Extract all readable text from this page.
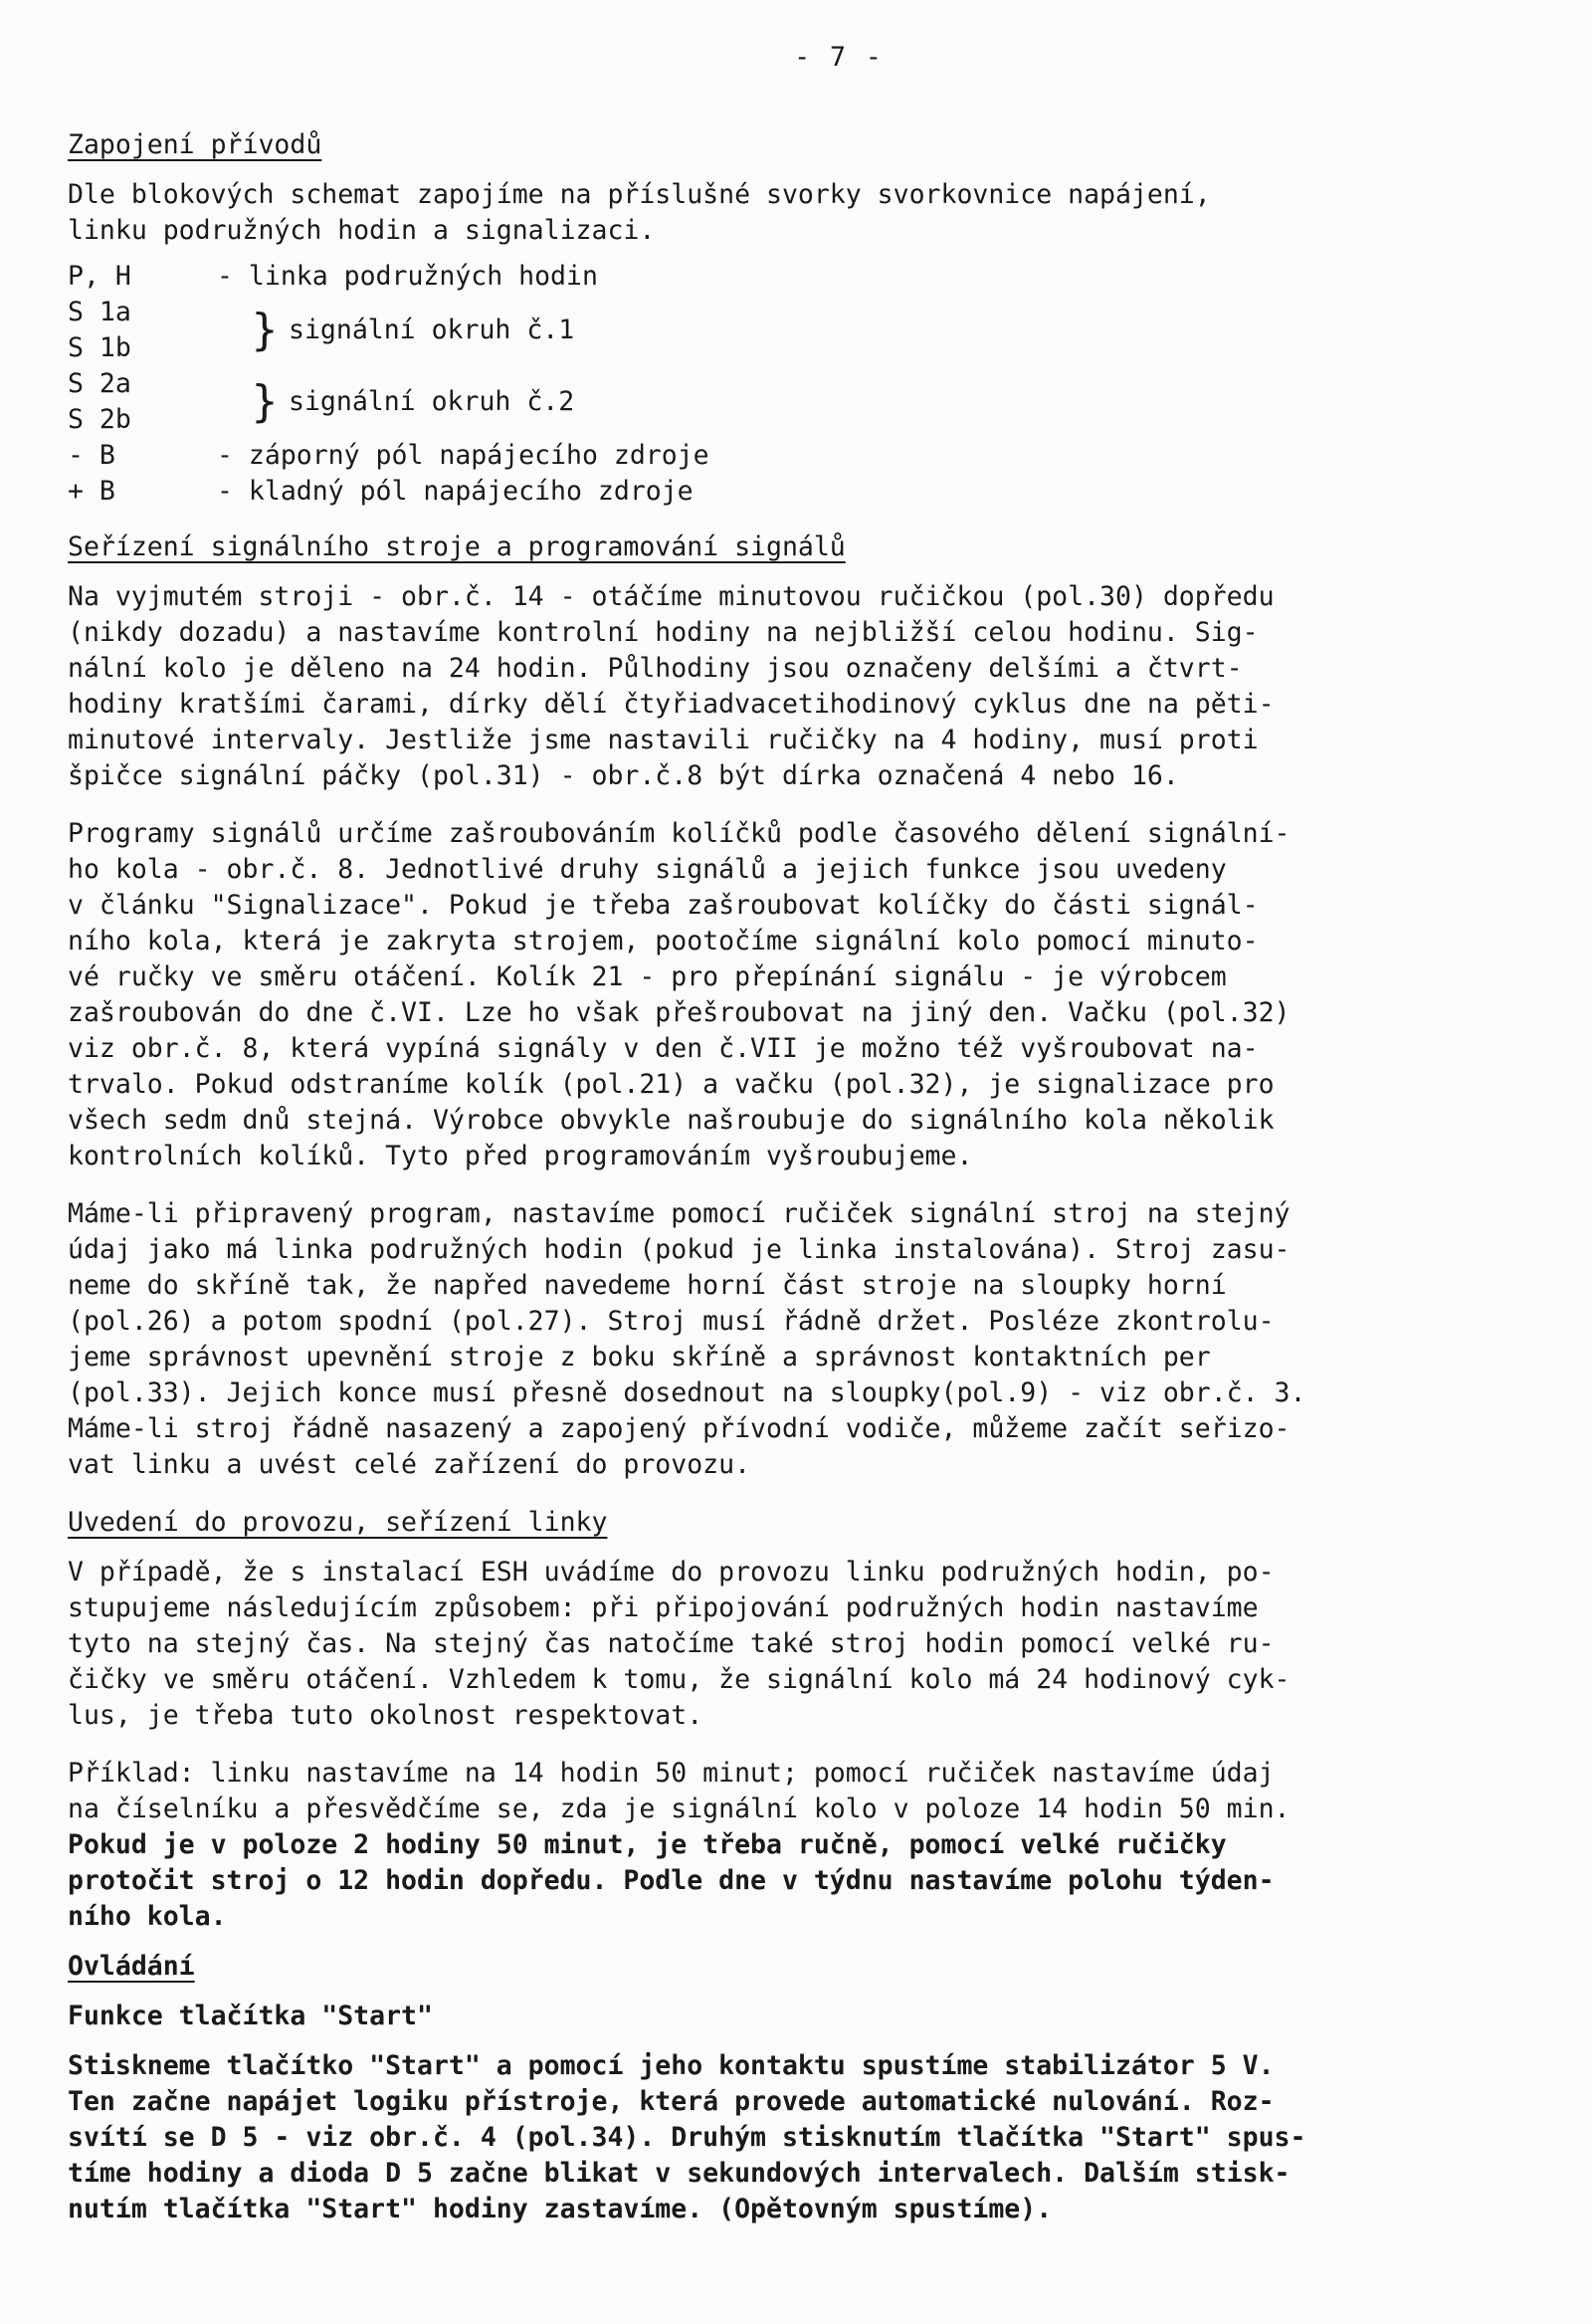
- 7 -

Zapojení přívodů

Dle blokových schemat zapojíme na příslušné svorky svorkovnice napájení,

linku podružných hodin a signalizaci.

P, H	- linka podružných hodin
S 1a
S 1b	} signální okruh č.1
S 2a
S 2b	} signální okruh č.2
- B	- záporný pól napájecího zdroje
+ B	- kladný pól napájecího zdroje

Seřízení signálního stroje a programování signálů

Na vyjmutém stroji - obr.č. 14 - otáčíme minutovou ručičkou (pol.30) dopředu

(nikdy dozadu) a nastavíme kontrolní hodiny na nejbližší celou hodinu. Sig-

nální kolo je děleno na 24 hodin. Půlhodiny jsou označeny delšími a čtvrt-

hodiny kratšími čarami, dírky dělí čtyřiadvacetihodinový cyklus dne na pěti-

minutové intervaly. Jestliže jsme nastavili ručičky na 4 hodiny, musí proti

špičce signální páčky (pol.31) - obr.č.8 být dírka označená 4 nebo 16.

Programy signálů určíme zašroubováním kolíčků podle časového dělení signální-

ho kola - obr.č. 8. Jednotlivé druhy signálů a jejich funkce jsou uvedeny

v článku "Signalizace". Pokud je třeba zašroubovat kolíčky do části signál-

ního kola, která je zakryta strojem, pootočíme signální kolo pomocí minuto-

vé ručky ve směru otáčení. Kolík 21 - pro přepínání signálu - je výrobcem

zašroubován do dne č.VI. Lze ho však přešroubovat na jiný den. Vačku (pol.32)

viz obr.č. 8, která vypíná signály v den č.VII je možno též vyšroubovat na-

trvalo. Pokud odstraníme kolík (pol.21) a vačku (pol.32), je signalizace pro

všech sedm dnů stejná. Výrobce obvykle našroubuje do signálního kola několik

kontrolních kolíků. Tyto před programováním vyšroubujeme.

Máme-li připravený program, nastavíme pomocí ručiček signální stroj na stejný

údaj jako má linka podružných hodin (pokud je linka instalována). Stroj zasu-

neme do skříně tak, že napřed navedeme horní část stroje na sloupky horní

(pol.26) a potom spodní (pol.27). Stroj musí řádně držet. Posléze zkontrolu-

jeme správnost upevnění stroje z boku skříně a správnost kontaktních per

(pol.33). Jejich konce musí přesně dosednout na sloupky(pol.9) - viz obr.č. 3.

Máme-li stroj řádně nasazený a zapojený přívodní vodiče, můžeme začít seřizo-

vat linku a uvést celé zařízení do provozu.

Uvedení do provozu, seřízení linky

V případě, že s instalací ESH uvádíme do provozu linku podružných hodin, po-

stupujeme následujícím způsobem: při připojování podružných hodin nastavíme

tyto na stejný čas. Na stejný čas natočíme také stroj hodin pomocí velké ru-

čičky ve směru otáčení. Vzhledem k tomu, že signální kolo má 24 hodinový cyk-

lus, je třeba tuto okolnost respektovat.

Příklad: linku nastavíme na 14 hodin 50 minut; pomocí ručiček nastavíme údaj

na číselníku a přesvědčíme se, zda je signální kolo v poloze 14 hodin 50 min.

Pokud je v poloze 2 hodiny 50 minut, je třeba ručně, pomocí velké ručičky

protočit stroj o 12 hodin dopředu. Podle dne v týdnu nastavíme polohu týden-

ního kola.

Ovládání

Funkce tlačítka "Start"

Stiskneme tlačítko "Start" a pomocí jeho kontaktu spustíme stabilizátor 5 V.

Ten začne napájet logiku přístroje, která provede automatické nulování. Roz-

svítí se D 5 - viz obr.č. 4 (pol.34). Druhým stisknutím tlačítka "Start" spus-

tíme hodiny a dioda D 5 začne blikat v sekundových intervalech. Dalším stisk-

nutím tlačítka "Start" hodiny zastavíme. (Opětovným spustíme).
